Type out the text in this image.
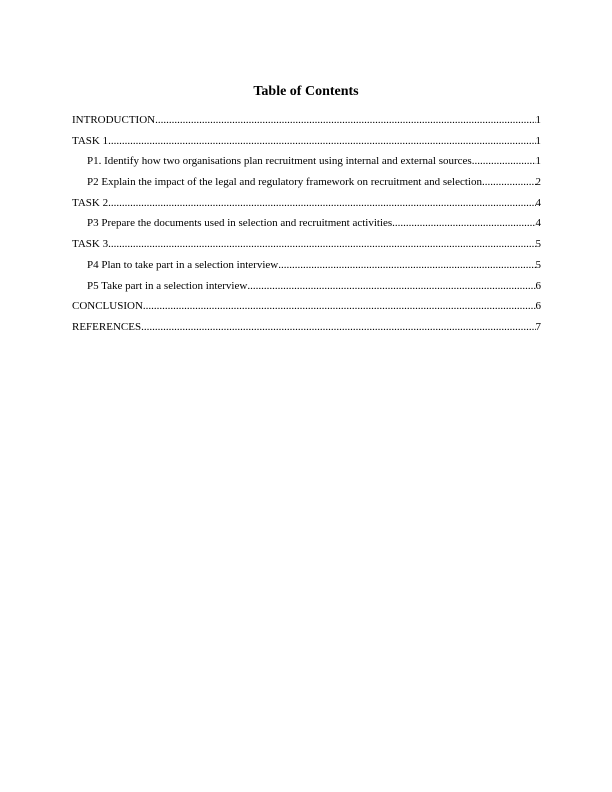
Table of Contents
INTRODUCTION .....	1
TASK 1 .....	1
P1. Identify how two organisations plan recruitment using internal and external sources .....	1
P2 Explain the impact of the legal and regulatory framework on recruitment and selection .....	2
TASK 2 .....	4
P3 Prepare the documents used in selection and recruitment activities .....	4
TASK 3 .....	5
P4 Plan to take part in a selection interview .....	5
P5 Take part in a selection interview .....	6
CONCLUSION .....	6
REFERENCES .....	7
